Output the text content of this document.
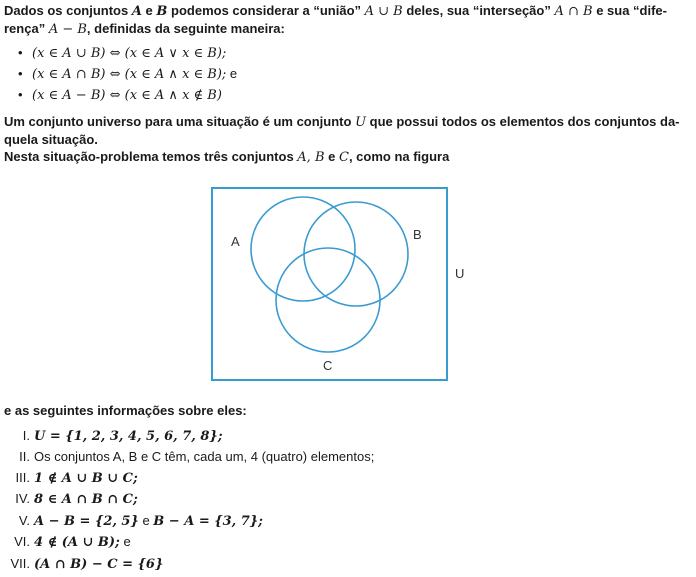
Dados os conjuntos A e B podemos considerar a “união” A ∪ B deles, sua “interseção” A ∩ B e sua “dife-
rença” A − B, definidas da seguinte maneira:
• (x ∈ A ∪ B) ⇔ (x ∈ A ∨ x ∈ B);
• (x ∈ A ∩ B) ⇔ (x ∈ A ∧ x ∈ B); e
• (x ∈ A − B) ⇔ (x ∈ A ∧ x ∉ B)
Um conjunto universo para uma situação é um conjunto U que possui todos os elementos dos conjuntos da-
quela situação.
Nesta situação-problema temos três conjuntos A, B e C, como na figura
A	B
C
U
e as seguintes informações sobre eles:
I. U = {1, 2, 3, 4, 5, 6, 7, 8};
II. Os conjuntos A, B e C têm, cada um, 4 (quatro) elementos;
III. 1 ∉ A ∪ B ∪ C;
IV. 8 ∈ A ∩ B ∩ C;
V. A − B = {2, 5} e B − A = {3, 7};
VI. 4 ∉ (A ∪ B); e
VII. (A ∩ B) − C = {6}
